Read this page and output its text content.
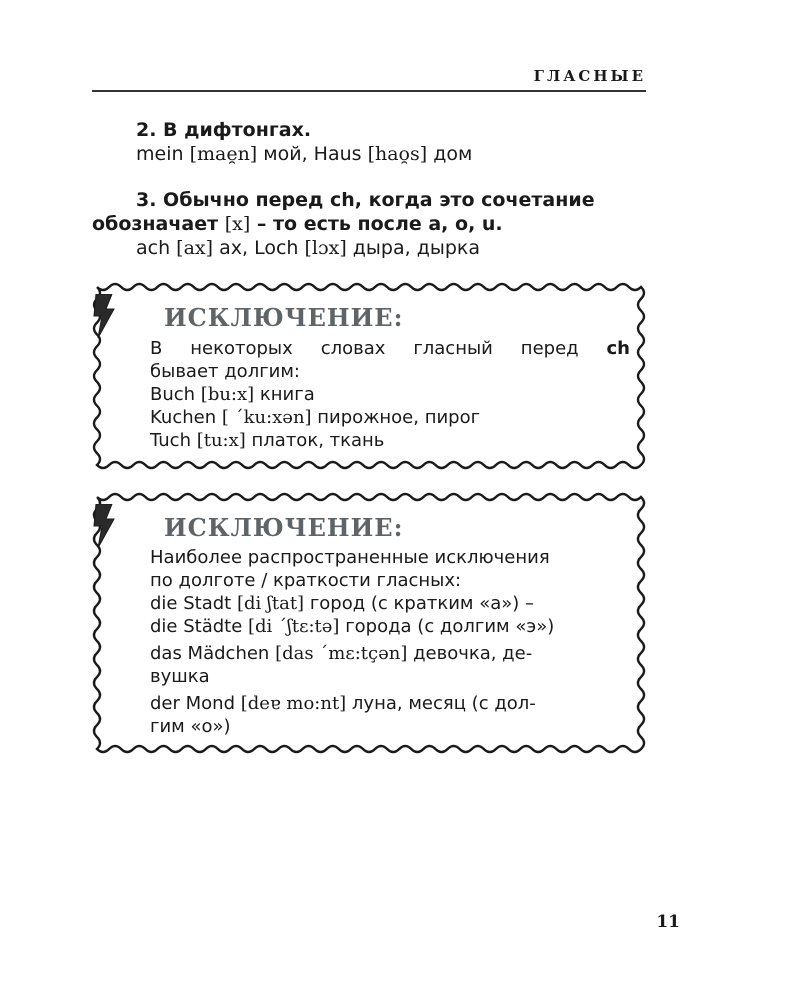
ГЛАСНЫЕ
2. В дифтонгах.
mein [mae̯n] мой, Haus [hao̯s] дом
3. Обычно перед ch, когда это сочетание
обозначает [x] – то есть после a, o, u.
ach [ax] ах, Loch [lɔx] дыра, дырка
ИСКЛЮЧЕНИЕ:
В некоторых словах гласный перед ch
бывает долгим:
Buch [bu:x] книга
Kuchen [ ´ku:xən] пирожное, пирог
Tuch [tu:x] платок, ткань
ИСКЛЮЧЕНИЕ:
Наиболее распространенные исключения
по долготе / краткости гласных:
die Stadt [di ʃtat] город (с кратким «а») –
die Städte [di ´ʃtɛ:tə] города (с долгим «э»)
das Mädchen [das ´mɛ:tçən] девочка, де-
вушка
der Mond [deɐ mo:nt] луна, месяц (с дол-
гим «о»)
11
